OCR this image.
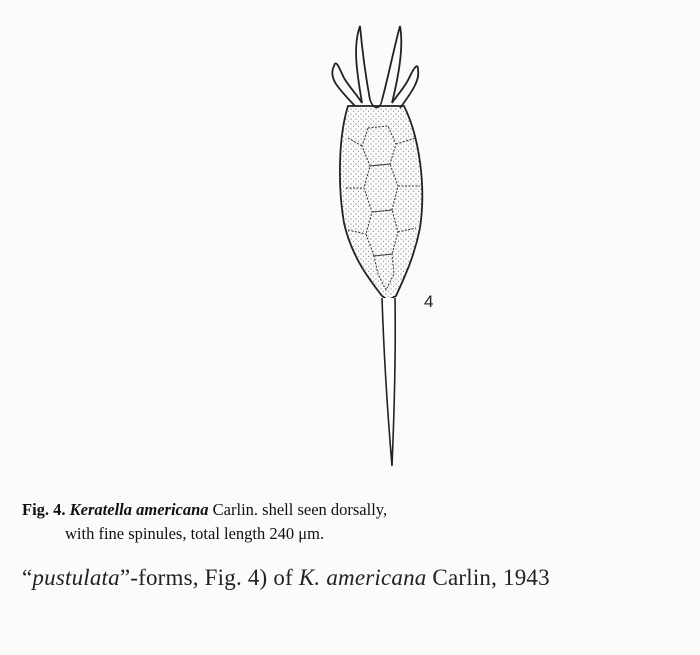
4
Fig. 4. Keratella americana Carlin. shell seen dorsally,
with fine spinules, total length 240 μm.
“pustulata”-forms, Fig. 4) of K. americana Carlin, 1943
